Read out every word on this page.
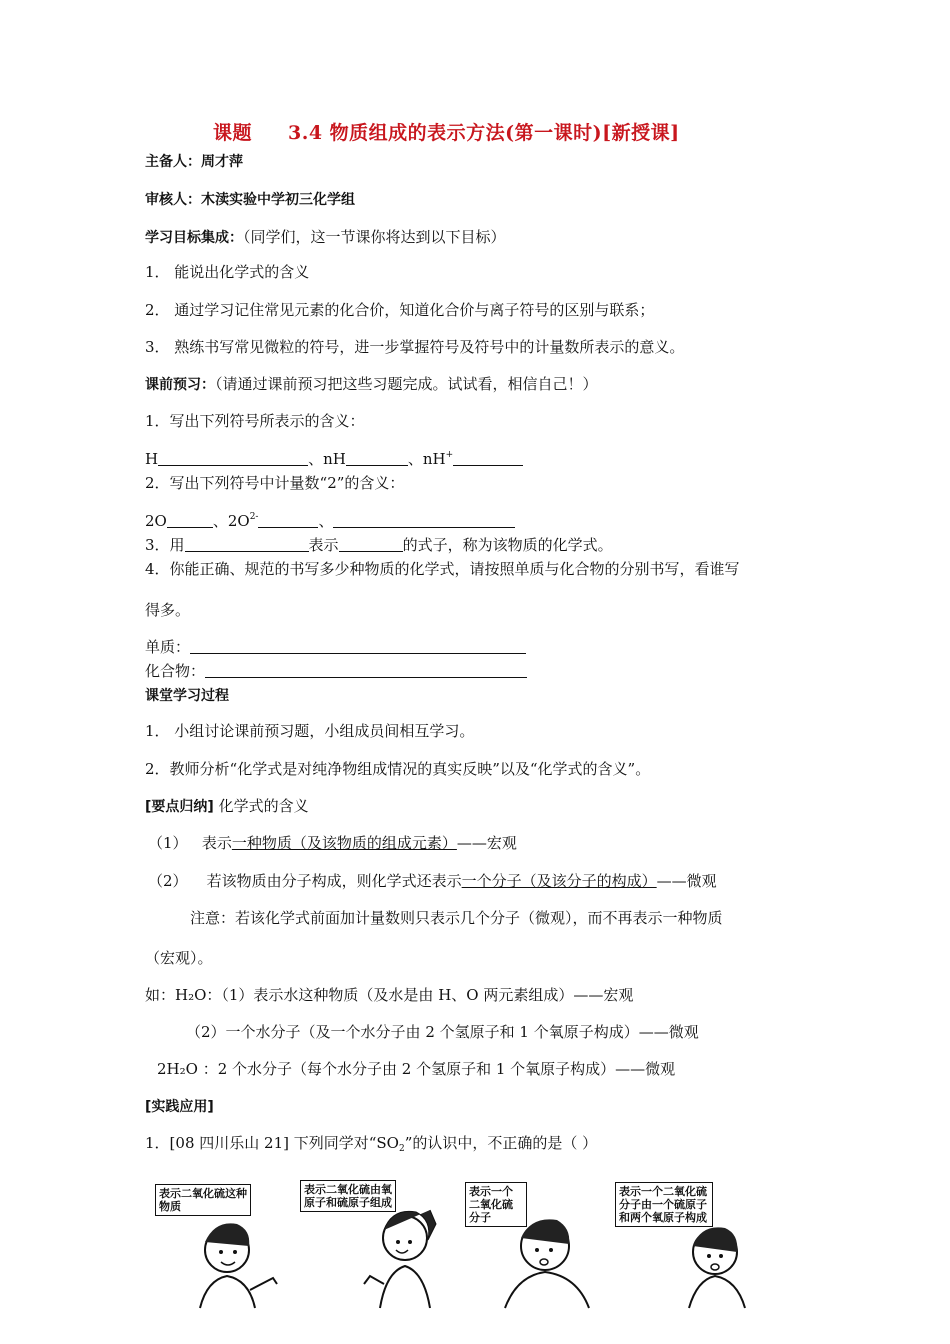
课题 3.4 物质组成的表示方法(第一课时)[新授课]
主备人：周才萍
审核人：木渎实验中学初三化学组
学习目标集成：（同学们，这一节课你将达到以下目标）
1． 能说出化学式的含义
2． 通过学习记住常见元素的化合价，知道化合价与离子符号的区别与联系；
3． 熟练书写常见微粒的符号，进一步掌握符号及符号中的计量数所表示的意义。
课前预习：（请通过课前预习把这些习题完成。试试看，相信自己！）
1．写出下列符号所表示的含义：
H	、nH	、nH+
2．写出下列符号中计量数“2”的含义：
2O	、$2O^{2-}$	、
3．用	表示	的式子，称为该物质的化学式。
4．你能正确、规范的书写多少种物质的化学式，请按照单质与化合物的分别书写，看谁写
得多。
单质：
化合物：
课堂学习过程
1． 小组讨论课前预习题，小组成员间相互学习。
2．教师分析“化学式是对纯净物组成情况的真实反映”以及“化学式的含义”。
[要点归纳] 化学式的含义
（1） 表示一种物质（及该物质的组成元素）——宏观
（2） 若该物质由分子构成，则化学式还表示一个分子（及该分子的构成）——微观
注意：若该化学式前面加计量数则只表示几个分子（微观），而不再表示一种物质
（宏观）。
如：H₂O：（1）表示水这种物质（及水是由 H、O 两元素组成）——宏观
（2）一个水分子（及一个水分子由 2 个氢原子和 1 个氧原子构成）——微观
2H₂O ：2 个水分子（每个水分子由 2 个氢原子和 1 个氧原子构成）——微观
[实践应用]
1．[08 四川乐山 21] 下列同学对“$SO_2$”的认识中，不正确的是（ ）
表示二氧化硫这种物质
表示二氧化硫由氧原子和硫原子组成
表示一个二氧化硫分子
表示一个二氧化硫分子由一个硫原子和两个氧原子构成
